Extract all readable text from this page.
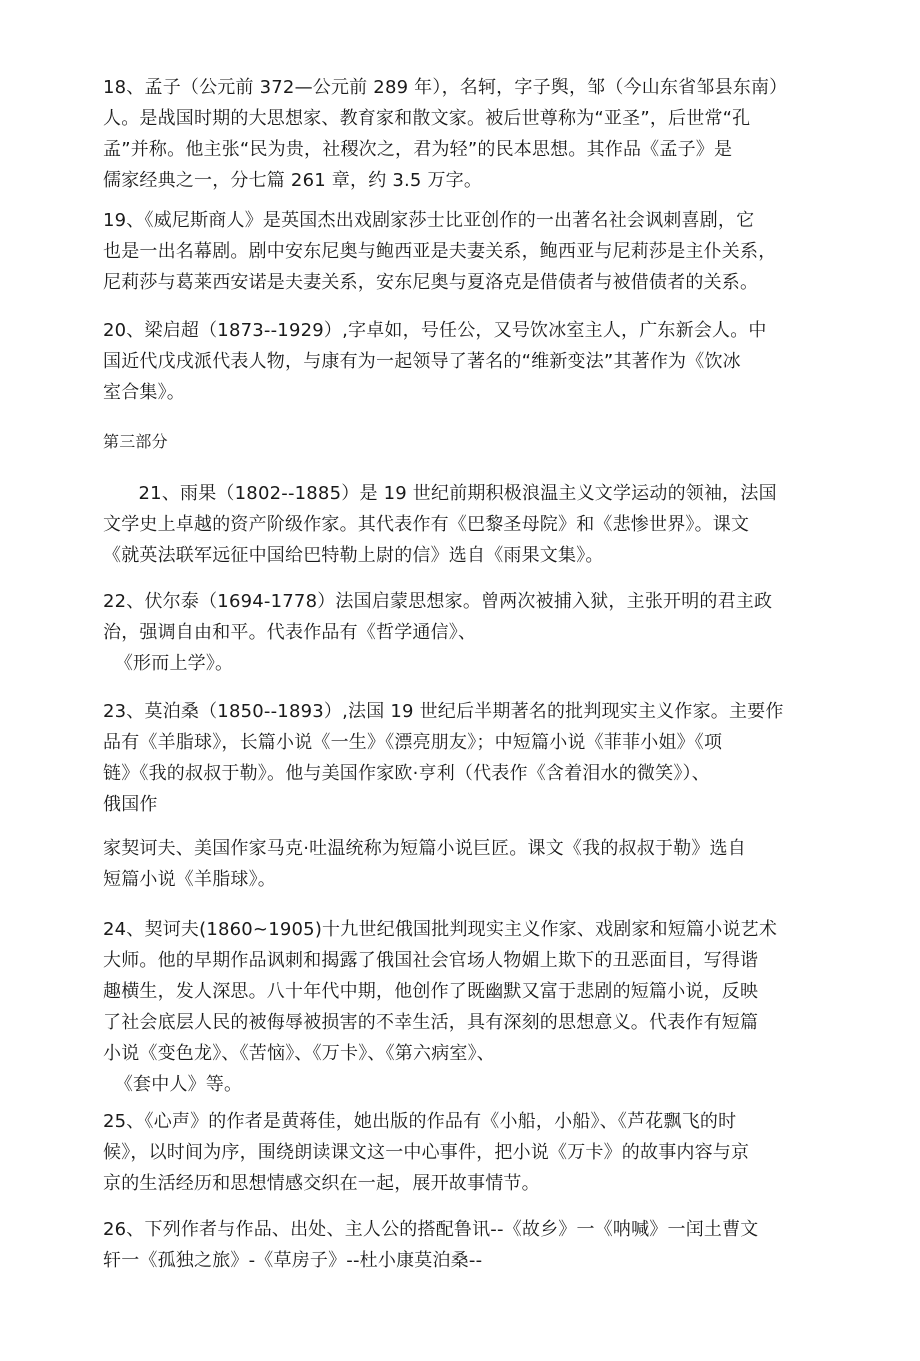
18、孟子（公元前 372—公元前 289 年），名轲，字子舆，邹（今山东省邹县东南）
人。是战国时期的大思想家、教育家和散文家。被后世尊称为“亚圣”，后世常“孔
孟”并称。他主张“民为贵，社稷次之，君为轻”的民本思想。其作品《孟子》是
儒家经典之一，分七篇 261 章，约 3.5 万字。
19、《威尼斯商人》是英国杰出戏剧家莎士比亚创作的一出著名社会讽刺喜剧，它
也是一出名幕剧。剧中安东尼奥与鲍西亚是夫妻关系，鲍西亚与尼莉莎是主仆关系，
尼莉莎与葛莱西安诺是夫妻关系，安东尼奥与夏洛克是借债者与被借债者的关系。
20、梁启超（1873--1929）,字卓如，号任公，又号饮冰室主人，广东新会人。中
国近代戊戌派代表人物，与康有为一起领导了著名的“维新变法”其著作为《饮冰
室合集》。
第三部分
21、雨果（1802--1885）是 19 世纪前期积极浪温主义文学运动的领袖，法国
文学史上卓越的资产阶级作家。其代表作有《巴黎圣母院》和《悲惨世界》。课文
《就英法联军远征中国给巴特勒上尉的信》选自《雨果文集》。
22、伏尔泰（1694-1778）法国启蒙思想家。曾两次被捕入狱，主张开明的君主政
治，强调自由和平。代表作品有《哲学通信》、
《形而上学》。
23、莫泊桑（1850--1893）,法国 19 世纪后半期著名的批判现实主义作家。主要作
品有《羊脂球》，长篇小说《一生》《漂亮朋友》；中短篇小说《菲菲小姐》《项
链》《我的叔叔于勒》。他与美国作家欧·亨利（代表作《含着泪水的微笑》）、
俄国作
家契诃夫、美国作家马克·吐温统称为短篇小说巨匠。课文《我的叔叔于勒》选自
短篇小说《羊脂球》。
24、契诃夫(1860~1905)十九世纪俄国批判现实主义作家、戏剧家和短篇小说艺术
大师。他的早期作品讽刺和揭露了俄国社会官场人物媚上欺下的丑恶面目，写得谐
趣横生，发人深思。八十年代中期，他创作了既幽默又富于悲剧的短篇小说，反映
了社会底层人民的被侮辱被损害的不幸生活，具有深刻的思想意义。代表作有短篇
小说《变色龙》、《苦恼》、《万卡》、《第六病室》、
《套中人》等。
25、《心声》的作者是黄蒋佳，她出版的作品有《小船，小船》、《芦花飘飞的时
候》，以时间为序，围绕朗读课文这一中心事件，把小说《万卡》的故事内容与京
京的生活经历和思想情感交织在一起，展开故事情节。
26、下列作者与作品、出处、主人公的搭配鲁讯--《故乡》一《呐喊》一闰土曹文
轩一《孤独之旅》-《草房子》--杜小康莫泊桑--
